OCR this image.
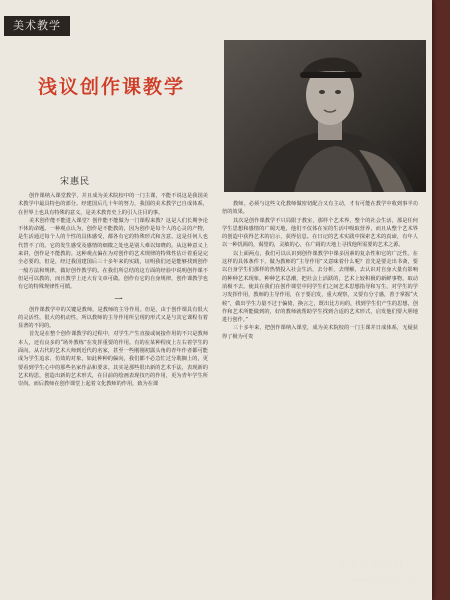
美术教学
浅议创作课教学
宋惠民

创作课纳入课堂教学，并且成为美术院校中的一门主课，不能不说这是我国美术教学中最具特色的部分。经建国后几十年的努力，我国的美术教学已自成体系，在世界上也具有特殊的意义，是美术教育史上的引人注目的事。

美术创作能不能进入课堂？创作能不能做为一门课程来教？这是人们长期争论不休的命题。一种观点认为，创作是不能教的，因为创作是每个人的心灵的产物，是生活通过每个人的个性的具体感受，都各有它的特殊形式和含意。这是任何人也代替不了的。它的发生感受及感情的细微之处也是别人难以知晓的。从这种意义上来讲，创作是不能教的。这种观点偏在为对创作的艺术规律的特殊性估计着重是完全必要的，但是，经过我国建国后三十多年来的实践，证明我们还是能够找到创作一般方法和规律，做好创作教学的。在我们所总结的这方面的经验中说明创作课不但是可以教的，而且教学上还大有文章可做。创作有它的自身规律，创作课教学也有它的特殊规律性可循。

一

创作课教学中的关键是教师。是教师的主导作用。但是，由于创作课具有很大的灵活性，很大的机动性，所以教师的主导作用所呈现的形式又是与其它课程有着显著的不同的。

首先是在整个创作课教学的过程中，对学生产生直接或间接作用的不只是教师本人，还有良多的“场外教练”在发挥重要的作用。有的在某种程度上左右着学生的面向。从古代的艺术大师到近代的名家，甚至一些刚刚初露头角的青年作者都可能成为学生追求、仿效的对象，如此种种的偏向，我们都不必急忙过分耽搁上的，更要看到学生心中的那些名家作品和要求。其实是那些很出新的艺术手法，表现新的艺术构思，创造出新的艺术形式，在目前的绘画表现技巧的作用，更为青年学生所崇尚。而后教师在创作课堂上起着文化教师的作用，致为在课

教师。必须与这些文化教师做密切配合又有主动，才有可能在教学中收到事半功倍的效果。

其次是创作课教学不只局限于教室，那样个艺术界，整个的社会生活，那是任何学生思想和感情的广阔天地，他们不仅体在室的生活中吸取营养，而且从整个艺术界的创造中获得艺术的启示，获得信息。在日记的艺术实践中探索艺术的真谛，有年人以一种饥渴的，渴望的，灵敏的心，在广阔的天地上寻找他所需要的艺术之源。

以上面两点，我们可以认识到创作课教学中课多因素的复杂性和它的广泛性。在这样的具体条件下，做为教师的“主导作用”又意味着什么呢？首先是要走出书斋，要以自身学生们那样的热情投入社会生活，去分析，去理解，去认识对自身大量有影响的种种艺术现象，种种艺术思潮，把社会上活跃的，艺术上较积极的新鲜事物，取动消极不去。使其在我们在创作课堂中同学生们之间艺术思想指导和写生，对学生的学习发挥作用，教师的主导作用，在于要启发，重大观察，又要有分寸感，善于掌握“火候”，做出学生力量不过于偏倚，换言之，既出比方向的，找到学生们产生的思想，创作和艺术所能做到的，好的教师就帮助学生找到合适的艺术形式，启发他们要大胆地进行创作。”

三十多年来，把创作课纳入课堂，成为美术院校的一门主课并日成体系，无疑获得了极为可贵

孔夫子旧书网
www.kongfz.com
